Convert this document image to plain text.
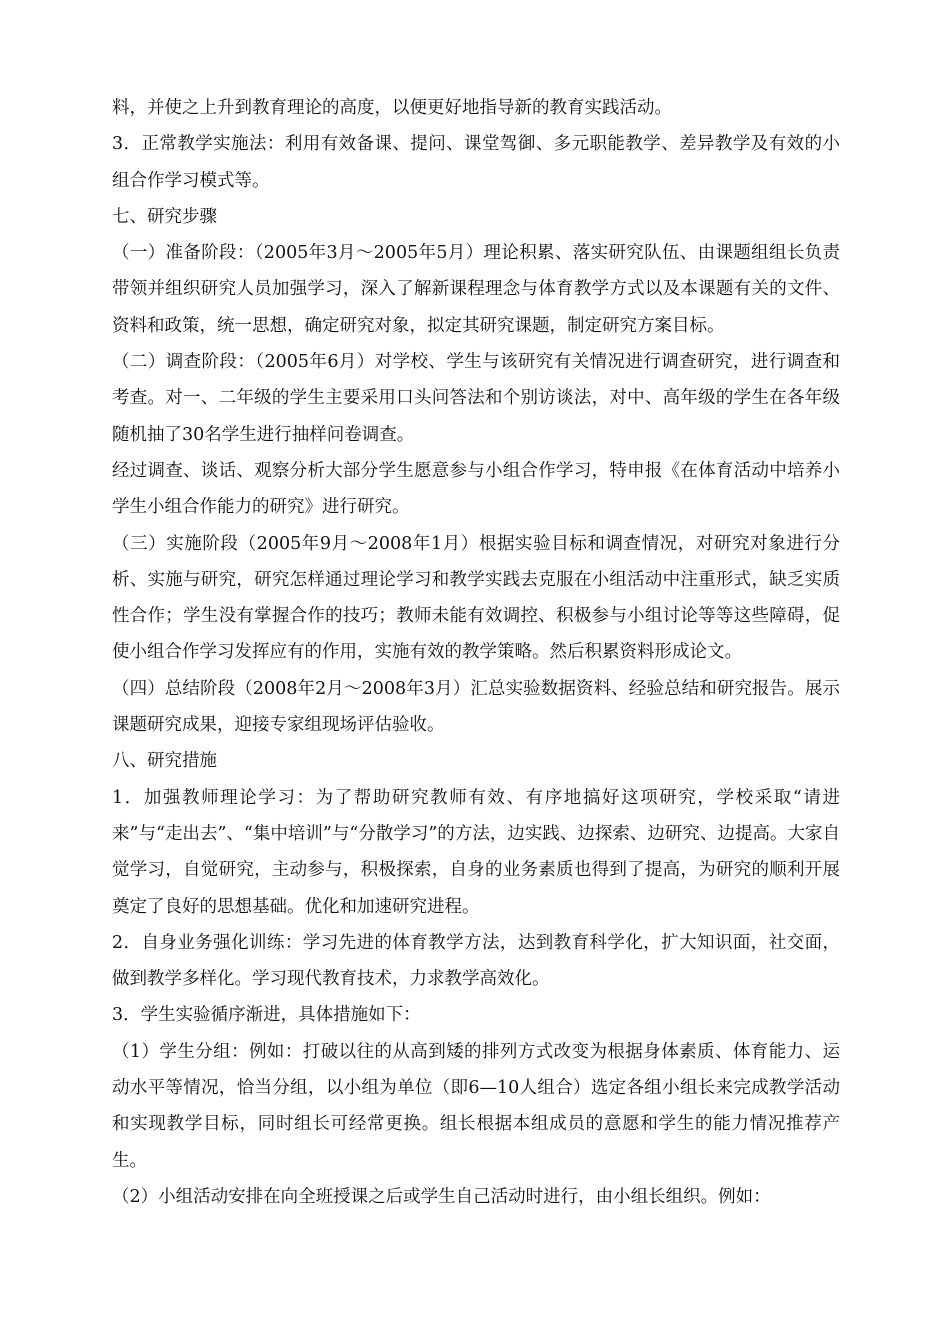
料，并使之上升到教育理论的高度，以便更好地指导新的教育实践活动。

3．正常教学实施法：利用有效备课、提问、课堂驾御、多元职能教学、差异教学及有效的小组合作学习模式等。

七、研究步骤

（一）准备阶段：（2005年3月～2005年5月）理论积累、落实研究队伍、由课题组组长负责带领并组织研究人员加强学习，深入了解新课程理念与体育教学方式以及本课题有关的文件、资料和政策，统一思想，确定研究对象，拟定其研究课题，制定研究方案目标。

（二）调查阶段：（2005年6月）对学校、学生与该研究有关情况进行调查研究，进行调查和考查。对一、二年级的学生主要采用口头问答法和个别访谈法，对中、高年级的学生在各年级随机抽了30名学生进行抽样问卷调查。

经过调查、谈话、观察分析大部分学生愿意参与小组合作学习，特申报《在体育活动中培养小学生小组合作能力的研究》进行研究。

（三）实施阶段（2005年9月～2008年1月）根据实验目标和调查情况，对研究对象进行分析、实施与研究，研究怎样通过理论学习和教学实践去克服在小组活动中注重形式，缺乏实质性合作；学生没有掌握合作的技巧；教师未能有效调控、积极参与小组讨论等等这些障碍，促使小组合作学习发挥应有的作用，实施有效的教学策略。然后积累资料形成论文。

（四）总结阶段（2008年2月～2008年3月）汇总实验数据资料、经验总结和研究报告。展示课题研究成果，迎接专家组现场评估验收。

八、研究措施

1．加强教师理论学习：为了帮助研究教师有效、有序地搞好这项研究，学校采取“请进来”与“走出去”、“集中培训”与“分散学习”的方法，边实践、边探索、边研究、边提高。大家自觉学习，自觉研究，主动参与，积极探索，自身的业务素质也得到了提高，为研究的顺利开展奠定了良好的思想基础。优化和加速研究进程。

2．自身业务强化训练：学习先进的体育教学方法，达到教育科学化，扩大知识面，社交面，做到教学多样化。学习现代教育技术，力求教学高效化。

3．学生实验循序渐进，具体措施如下：

（1）学生分组：例如：打破以往的从高到矮的排列方式改变为根据身体素质、体育能力、运动水平等情况，恰当分组，以小组为单位（即6—10人组合）选定各组小组长来完成教学活动和实现教学目标，同时组长可经常更换。组长根据本组成员的意愿和学生的能力情况推荐产生。

（2）小组活动安排在向全班授课之后或学生自己活动时进行，由小组长组织。例如：
